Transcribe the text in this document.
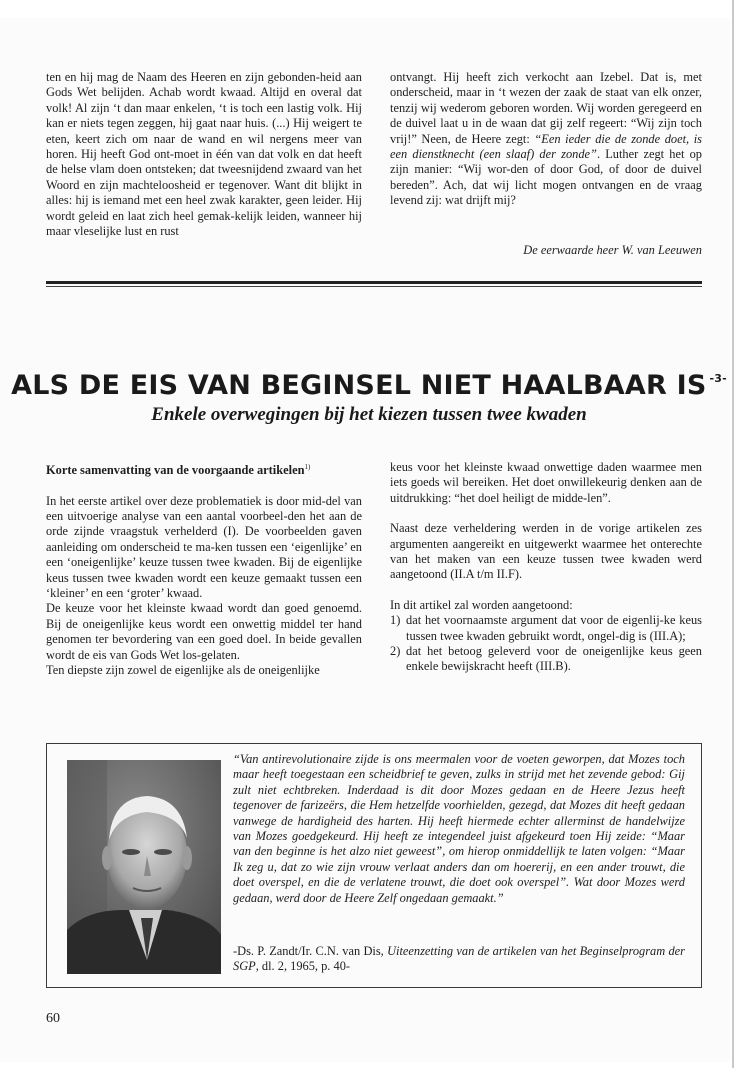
ten en hij mag de Naam des Heeren en zijn gebonden-heid aan Gods Wet belijden. Achab wordt kwaad. Altijd en overal dat volk! Al zijn ‘t dan maar enkelen, ‘t is toch een lastig volk. Hij kan er niets tegen zeggen, hij gaat naar huis. (...) Hij weigert te eten, keert zich om naar de wand en wil nergens meer van horen. Hij heeft God ont-moet in één van dat volk en dat heeft de helse vlam doen ontsteken; dat tweesnijdend zwaard van het Woord en zijn machteloosheid er tegenover. Want dit blijkt in alles: hij is iemand met een heel zwak karakter, geen leider. Hij wordt geleid en laat zich heel gemak-kelijk leiden, wanneer hij maar vleselijke lust en rust

ontvangt. Hij heeft zich verkocht aan Izebel. Dat is, met onderscheid, maar in ‘t wezen der zaak de staat van elk onzer, tenzij wij wederom geboren worden. Wij worden geregeerd en de duivel laat u in de waan dat gij zelf regeert: “Wij zijn toch vrij!” Neen, de Heere zegt: “Een ieder die de zonde doet, is een dienstknecht (een slaaf) der zonde”. Luther zegt het op zijn manier: “Wij wor-den of door God, of door de duivel bereden”. Ach, dat wij licht mogen ontvangen en de vraag levend zij: wat drijft mij?

De eerwaarde heer W. van Leeuwen
ALS DE EIS VAN BEGINSEL NIET HAALBAAR IS $^{-3-}$
Enkele overwegingen bij het kiezen tussen twee kwaden

Korte samenvatting van de voorgaande artikelen$^{1)}$

In het eerste artikel over deze problematiek is door mid-del van een uitvoerige analyse van een aantal voorbeel-den het aan de orde zijnde vraagstuk verhelderd (I). De voorbeelden gaven aanleiding om onderscheid te ma-ken tussen een ‘eigenlijke’ en een ‘oneigenlijke’ keuze tussen twee kwaden. Bij de eigenlijke keus tussen twee kwaden wordt een keuze gemaakt tussen een ‘kleiner’ en een ‘groter’ kwaad.

De keuze voor het kleinste kwaad wordt dan goed genoemd. Bij de oneigenlijke keus wordt een onwettig middel ter hand genomen ter bevordering van een goed doel. In beide gevallen wordt de eis van Gods Wet los-gelaten.

Ten diepste zijn zowel de eigenlijke als de oneigenlijke

keus voor het kleinste kwaad onwettige daden waarmee men iets goeds wil bereiken. Het doet onwillekeurig denken aan de uitdrukking: “het doel heiligt de midde-len”.

Naast deze verheldering werden in de vorige artikelen zes argumenten aangereikt en uitgewerkt waarmee het onterechte van het maken van een keuze tussen twee kwaden werd aangetoond (II.A t/m II.F).

In dit artikel zal worden aangetoond:

1) dat het voornaamste argument dat voor de eigenlij-ke keus tussen twee kwaden gebruikt wordt, ongel-dig is (III.A);
2) dat het betoog geleverd voor de oneigenlijke keus geen enkele bewijskracht heeft (III.B).
“Van antirevolutionaire zijde is ons meermalen voor de voeten geworpen, dat Mozes toch maar heeft toegestaan een scheidbrief te geven, zulks in strijd met het zevende gebod: Gij zult niet echtbreken. Inderdaad is dit door Mozes gedaan en de Heere Jezus heeft tegenover de farizeërs, die Hem hetzelfde voorhielden, gezegd, dat Mozes dit heeft gedaan vanwege de hardigheid des harten. Hij heeft hiermede echter allerminst de handelwijze van Mozes goedgekeurd. Hij heeft ze integendeel juist afgekeurd toen Hij zeide: “Maar van den beginne is het alzo niet geweest”, om hierop onmiddellijk te laten volgen: “Maar Ik zeg u, dat zo wie zijn vrouw verlaat anders dan om hoererij, en een ander trouwt, die doet overspel, en die de verlatene trouwt, die doet ook overspel”. Wat door Mozes werd gedaan, werd door de Heere Zelf ongedaan gemaakt.”
-Ds. P. Zandt/Ir. C.N. van Dis, Uiteenzetting van de artikelen van het Beginselprogram der SGP, dl. 2, 1965, p. 40-
60
